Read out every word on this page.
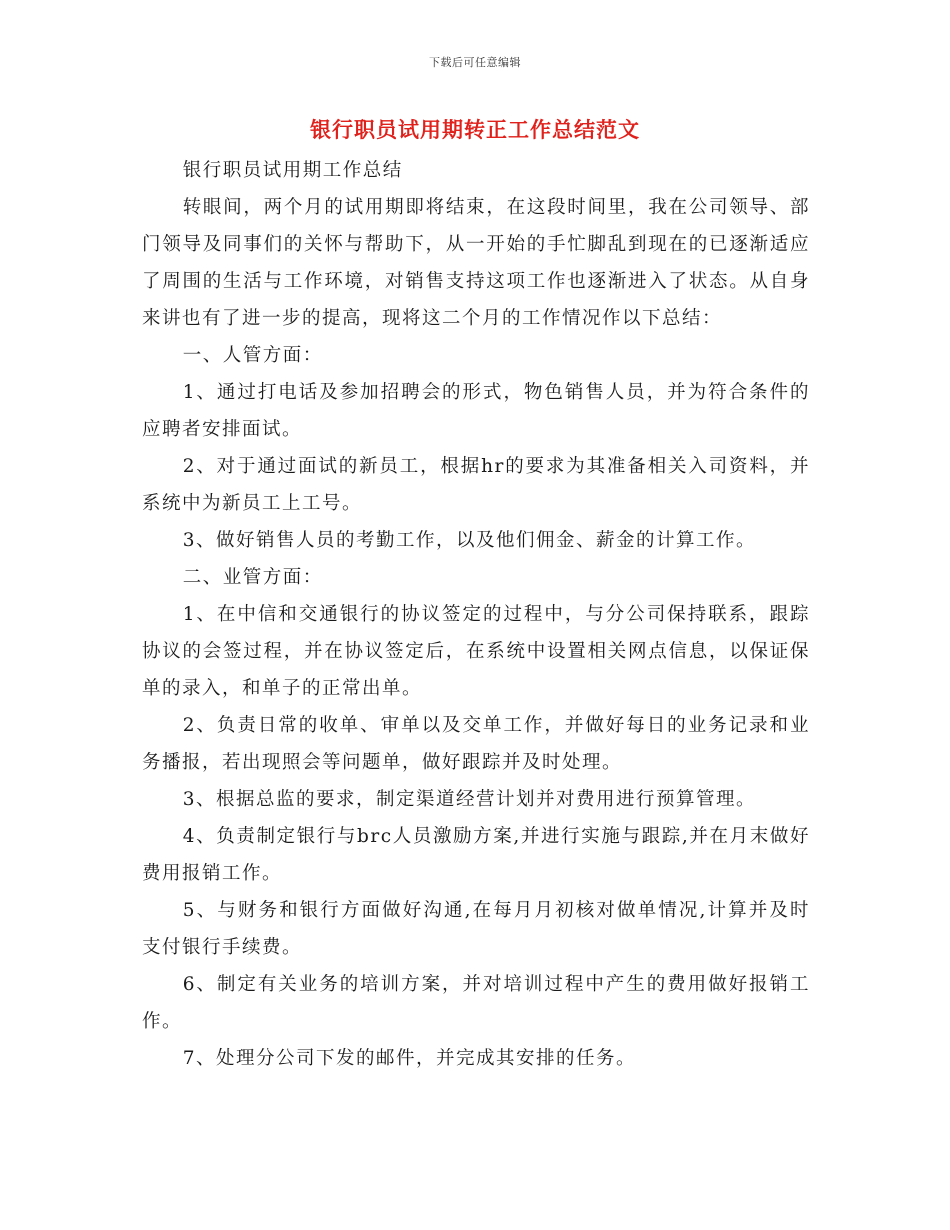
下载后可任意编辑
银行职员试用期转正工作总结范文

银行职员试用期工作总结

转眼间，两个月的试用期即将结束，在这段时间里，我在公司领导、部门领导及同事们的关怀与帮助下，从一开始的手忙脚乱到现在的已逐渐适应了周围的生活与工作环境，对销售支持这项工作也逐渐进入了状态。从自身来讲也有了进一步的提高，现将这二个月的工作情况作以下总结：

一、人管方面：

1、通过打电话及参加招聘会的形式，物色销售人员，并为符合条件的应聘者安排面试。

2、对于通过面试的新员工，根据hr的要求为其准备相关入司资料，并系统中为新员工上工号。

3、做好销售人员的考勤工作，以及他们佣金、薪金的计算工作。

二、业管方面：

1、在中信和交通银行的协议签定的过程中，与分公司保持联系，跟踪协议的会签过程，并在协议签定后，在系统中设置相关网点信息，以保证保单的录入，和单子的正常出单。

2、负责日常的收单、审单以及交单工作，并做好每日的业务记录和业务播报，若出现照会等问题单，做好跟踪并及时处理。

3、根据总监的要求，制定渠道经营计划并对费用进行预算管理。

4、负责制定银行与brc人员激励方案,并进行实施与跟踪,并在月末做好费用报销工作。

5、与财务和银行方面做好沟通,在每月月初核对做单情况,计算并及时支付银行手续费。

6、制定有关业务的培训方案，并对培训过程中产生的费用做好报销工作。

7、处理分公司下发的邮件，并完成其安排的任务。
